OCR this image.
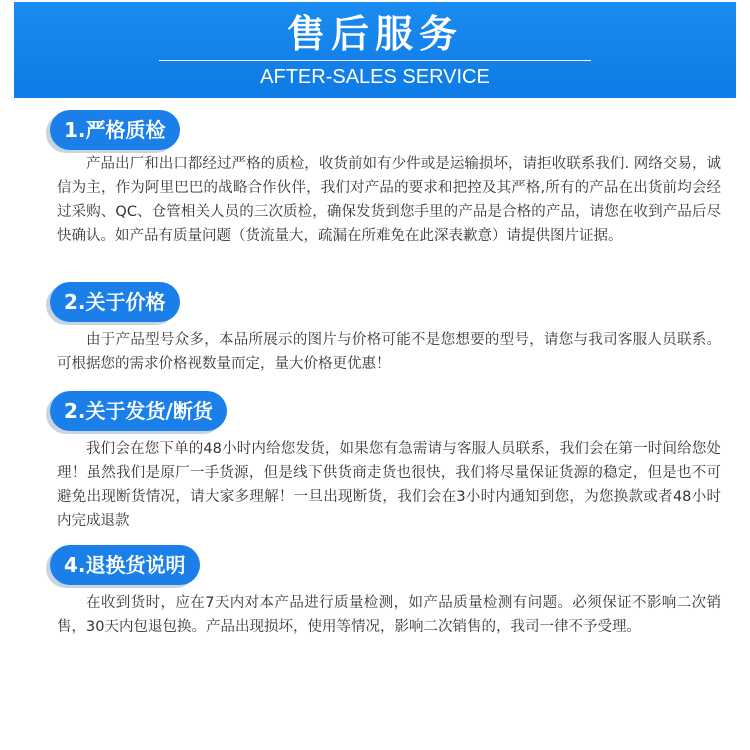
售后服务
AFTER-SALES SERVICE
1.严格质检

产品出厂和出口都经过严格的质检，收货前如有少件或是运输损坏，请拒收联系我们. 网络交易，诚信为主，作为阿里巴巴的战略合作伙伴，我们对产品的要求和把控及其严格,所有的产品在出货前均会经过采购、QC、仓管相关人员的三次质检，确保发货到您手里的产品是合格的产品，请您在收到产品后尽快确认。如产品有质量问题（货流量大，疏漏在所难免在此深表歉意）请提供图片证据。

2.关于价格

由于产品型号众多，本品所展示的图片与价格可能不是您想要的型号，请您与我司客服人员联系。可根据您的需求价格视数量而定，量大价格更优惠！

2.关于发货/断货

我们会在您下单的48小时内给您发货，如果您有急需请与客服人员联系，我们会在第一时间给您处理！虽然我们是原厂一手货源，但是线下供货商走货也很快，我们将尽量保证货源的稳定，但是也不可避免出现断货情况，请大家多理解！一旦出现断货，我们会在3小时内通知到您，为您换款或者48小时内完成退款

4.退换货说明

在收到货时，应在7天内对本产品进行质量检测，如产品质量检测有问题。必须保证不影响二次销售，30天内包退包换。产品出现损坏，使用等情况，影响二次销售的，我司一律不予受理。
